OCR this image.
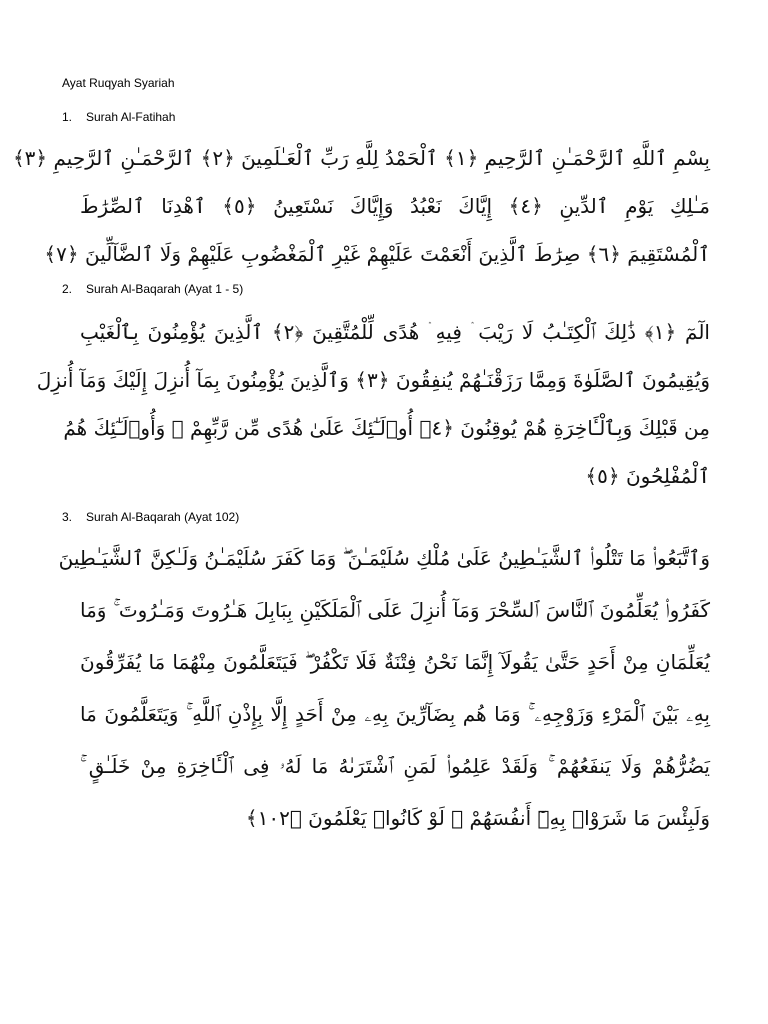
Ayat Ruqyah Syariah
1.	Surah Al-Fatihah
بِسْمِ ٱللَّهِ ٱلرَّحْمَـٰنِ ٱلرَّحِيمِ ﴿١﴾ ٱلْحَمْدُ لِلَّهِ رَبِّ ٱلْعَـٰلَمِينَ ﴿٢﴾ ٱلرَّحْمَـٰنِ ٱلرَّحِيمِ ﴿٣﴾
مَـٰلِكِ يَوْمِ ٱلدِّينِ ﴿٤﴾ إِيَّاكَ نَعْبُدُ وَإِيَّاكَ نَسْتَعِينُ ﴿٥﴾ ٱهْدِنَا ٱلصِّرَٰطَ
ٱلْمُسْتَقِيمَ ﴿٦﴾ صِرَٰطَ ٱلَّذِينَ أَنْعَمْتَ عَلَيْهِمْ غَيْرِ ٱلْمَغْضُوبِ عَلَيْهِمْ وَلَا ٱلضَّآلِّينَ ﴿٧﴾
2.	Surah Al-Baqarah (Ayat 1 - 5)
الٓمٓ ﴿١﴾ ذَٰلِكَ ٱلْكِتَـٰبُ لَا رَيْبَ ۛ فِيهِ ۛ هُدًى لِّلْمُتَّقِينَ ﴿٢﴾ ٱلَّذِينَ يُؤْمِنُونَ بِٱلْغَيْبِ
وَيُقِيمُونَ ٱلصَّلَوٰةَ وَمِمَّا رَزَقْنَـٰهُمْ يُنفِقُونَ ﴿٣﴾ وَٱلَّذِينَ يُؤْمِنُونَ بِمَآ أُنزِلَ إِلَيْكَ وَمَآ أُنزِلَ
مِن قَبْلِكَ وَبِٱلْـَٔاخِرَةِ هُمْ يُوقِنُونَ ﴿٤﴾ أُو۟لَـٰٓئِكَ عَلَىٰ هُدًى مِّن رَّبِّهِمْ ۖ وَأُو۟لَـٰٓئِكَ هُمُ
ٱلْمُفْلِحُونَ ﴿٥﴾
3.	Surah Al-Baqarah (Ayat 102)
وَٱتَّبَعُوا۟ مَا تَتْلُوا۟ ٱلشَّيَـٰطِينُ عَلَىٰ مُلْكِ سُلَيْمَـٰنَ ۖ وَمَا كَفَرَ سُلَيْمَـٰنُ وَلَـٰكِنَّ ٱلشَّيَـٰطِينَ
كَفَرُوا۟ يُعَلِّمُونَ ٱلنَّاسَ ٱلسِّحْرَ وَمَآ أُنزِلَ عَلَى ٱلْمَلَكَيْنِ بِبَابِلَ هَـٰرُوتَ وَمَـٰرُوتَ ۚ وَمَا
يُعَلِّمَانِ مِنْ أَحَدٍ حَتَّىٰ يَقُولَآ إِنَّمَا نَحْنُ فِتْنَةٌ فَلَا تَكْفُرْ ۖ فَيَتَعَلَّمُونَ مِنْهُمَا مَا يُفَرِّقُونَ
بِهِۦ بَيْنَ ٱلْمَرْءِ وَزَوْجِهِۦ ۚ وَمَا هُم بِضَآرِّينَ بِهِۦ مِنْ أَحَدٍ إِلَّا بِإِذْنِ ٱللَّهِ ۚ وَيَتَعَلَّمُونَ مَا
يَضُرُّهُمْ وَلَا يَنفَعُهُمْ ۚ وَلَقَدْ عَلِمُوا۟ لَمَنِ ٱشْتَرَىٰهُ مَا لَهُۥ فِى ٱلْـَٔاخِرَةِ مِنْ خَلَـٰقٍ ۚ
وَلَبِئْسَ مَا شَرَوْا۟ بِهِۦٓ أَنفُسَهُمْ ۚ لَوْ كَانُوا۟ يَعْلَمُونَ ﴿١٠٢﴾
